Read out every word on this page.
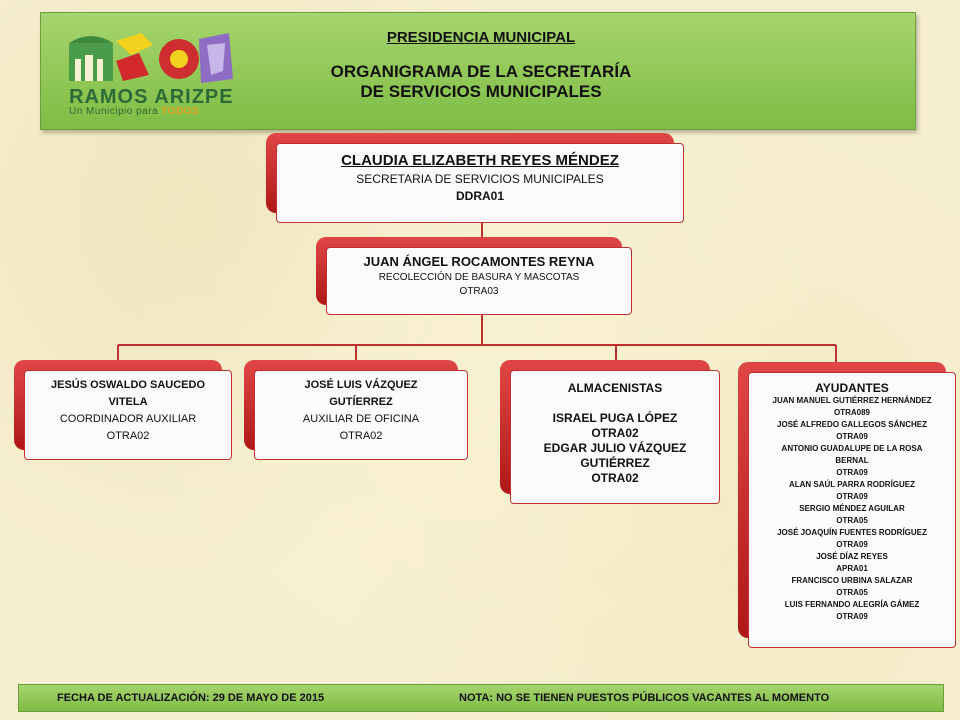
RAMOS ARIZPE
Un Municipio para TODOS
PRESIDENCIA MUNICIPAL
ORGANIGRAMA DE LA SECRETARÍA
DE SERVICIOS MUNICIPALES
CLAUDIA ELIZABETH REYES MÉNDEZ
SECRETARIA DE SERVICIOS MUNICIPALES
DDRA01
JUAN ÁNGEL ROCAMONTES REYNA
RECOLECCIÓN DE BASURA Y MASCOTAS
OTRA03
JESÚS OSWALDO SAUCEDO
VITELA
COORDINADOR AUXILIAR
OTRA02
JOSÉ LUIS VÁZQUEZ
GUTÍERREZ
AUXILIAR DE OFICINA
OTRA02
ALMACENISTAS
ISRAEL PUGA LÓPEZ
OTRA02
EDGAR JULIO VÁZQUEZ
GUTIÉRREZ
OTRA02
AYUDANTES
JUAN MANUEL GUTIÉRREZ HERNÁNDEZ
OTRA089
JOSÉ ALFREDO GALLEGOS SÁNCHEZ
OTRA09
ANTONIO GUADALUPE DE LA ROSA
BERNAL
OTRA09
ALAN SAÚL PARRA RODRÍGUEZ
OTRA09
SERGIO MÉNDEZ AGUILAR
OTRA05
JOSÉ JOAQUÍN FUENTES RODRÍGUEZ
OTRA09
JOSÉ DÍAZ REYES
APRA01
FRANCISCO URBINA SALAZAR
OTRA05
LUIS FERNANDO ALEGRÍA GÁMEZ
OTRA09
FECHA DE ACTUALIZACIÓN: 29 DE MAYO DE 2015	NOTA: NO SE TIENEN PUESTOS PÚBLICOS VACANTES AL MOMENTO
